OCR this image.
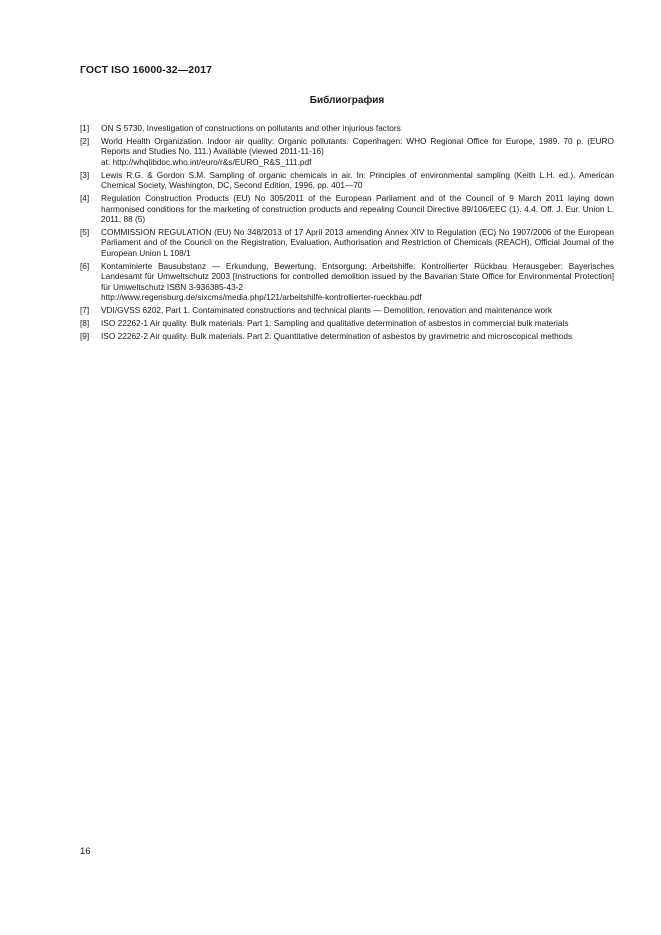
ГОСТ ISO 16000-32—2017
Библиография
[1]	ON S 5730, Investigation of constructions on pollutants and other injurious factors
[2]	World Health Organization. Indoor air quality: Organic pollutants. Copenhagen: WHO Regional Office for Europe, 1989. 70 p. (EURO Reports and Studies No. 111.) Available (viewed 2011-11-16)
at: http://whqlibdoc.who.int/euro/r&s/EURO_R&S_111.pdf
[3]	Lewis R.G. & Gordon S.M. Sampling of organic chemicals in air. In: Principles of environmental sampling (Keith L.H. ed.). American Chemical Society, Washington, DC, Second Edition, 1996, pp. 401—70
[4]	Regulation Construction Products (EU) No 305/2011 of the European Parliament and of the Council of 9 March 2011 laying down harmonised conditions for the marketing of construction products and repealing Council Directive 89/106/EEC (1). 4.4. Off. J. Eur. Union L. 2011, 88 (5)
[5]	COMMISSION REGULATION (EU) No 348/2013 of 17 April 2013 amending Annex XIV to Regulation (EC) No 1907/2006 of the European Parliament and of the Council on the Registration, Evaluation, Authorisation and Restriction of Chemicals (REACH), Official Journal of the European Union L 108/1
[6]	Kontaminierte Bausubstanz — Erkundung, Bewertung, Entsorgung: Arbeitshilfe: Kontrollierter Rückbau Herausgeber: Bayerisches Landesamt für Umweltschutz 2003 [Instructions for controlled demolition issued by the Bavarian State Office for Environmental Protection] für Umweltschutz ISBN 3-936385-43-2
http://www.regensburg.de/sixcms/media.php/121/arbeitshilfe-kontrollierter-rueckbau.pdf
[7]	VDI/GVSS 6202, Part 1. Contaminated constructions and technical plants — Demolition, renovation and maintenance work
[8]	ISO 22262-1 Air quality. Bulk materials. Part 1: Sampling and qualitative determination of asbestos in commercial bulk materials
[9]	ISO 22262-2 Air quality. Bulk materials. Part 2: Quantitative determination of asbestos by gravimetric and microscopical methods
16
